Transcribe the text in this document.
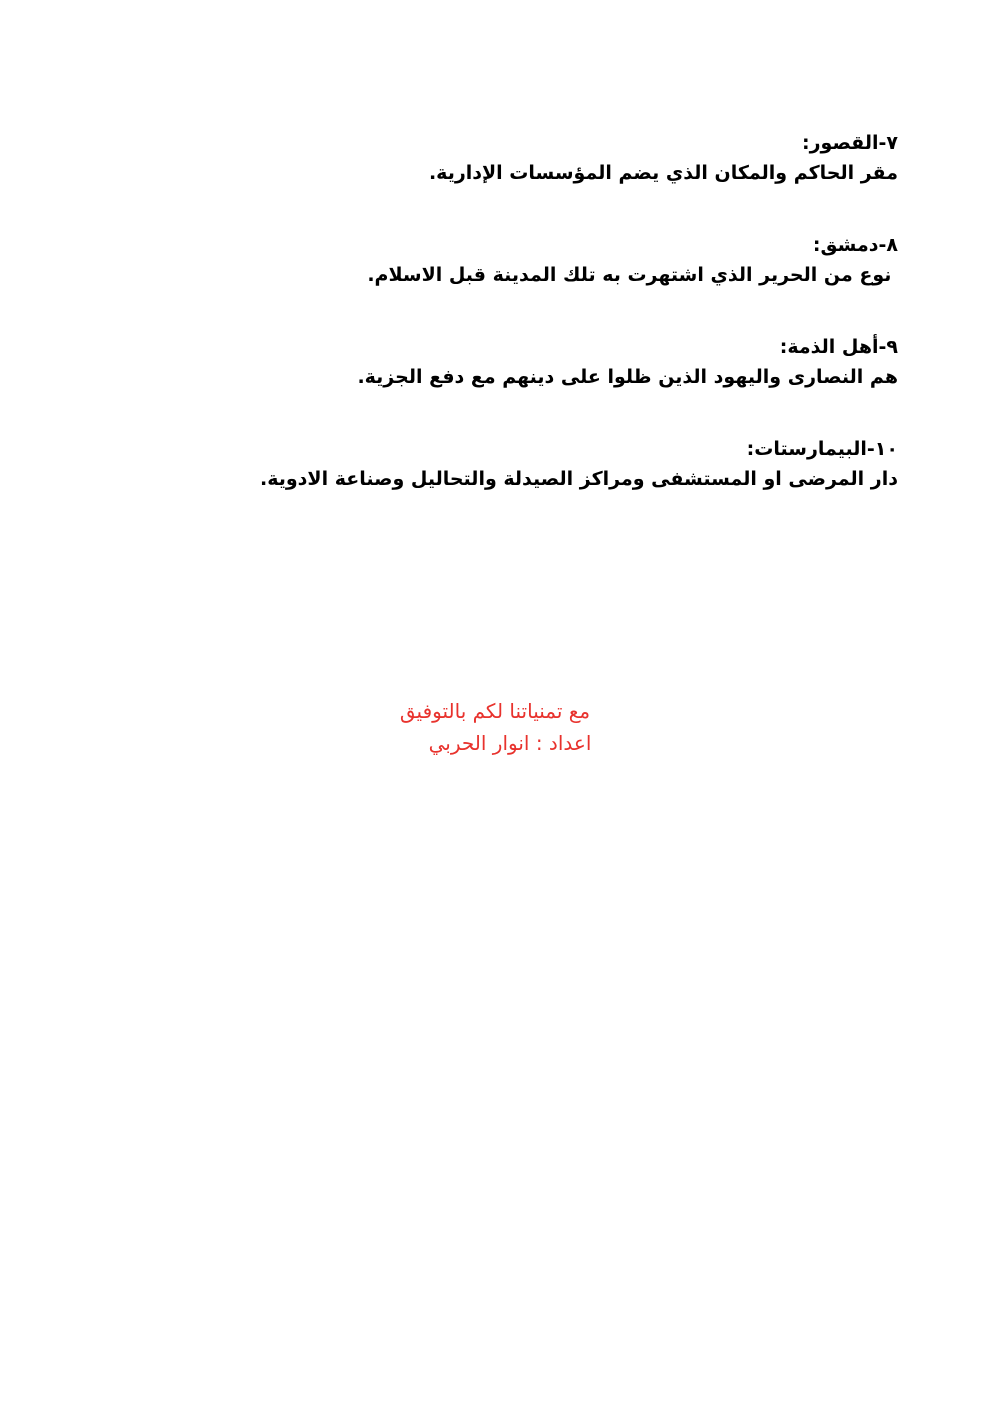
٧-القصور:
مقر الحاكم والمكان الذي يضم المؤسسات الإدارية.
٨-دمشق:
نوع من الحرير الذي اشتهرت به تلك المدينة قبل الاسلام.
٩-أهل الذمة:
هم النصارى واليهود الذين ظلوا على دينهم مع دفع الجزية.
١٠-البيمارستات:
دار المرضى او المستشفى ومراكز الصيدلة والتحاليل وصناعة الادوية.
مع تمنياتنا لكم بالتوفيق
اعداد : انوار الحربي
